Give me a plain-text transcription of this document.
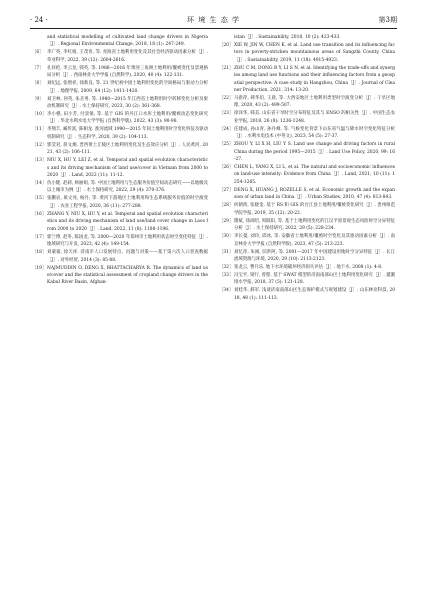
· 24 ·	环 境 生 态 学	第3期
and statistical modelling of cultivated land change drivers in Nigeria［J］. Regional Environmental Change, 2018, 18 (1): 247-249.
［6］ 李广英, 李红娟, 王茂青, 等. 青海省土地利用变化及其社会经济驱动因素分析［J］. 草业科学, 2022, 39 (12): 2604-2616.
［7］ 孔祥伦, 李云龙, 韩英, 等. 1986—2016 年黄河三角洲土地利用/覆被变化及景观格局分析［J］. 西南林业大学学报 (自然科学), 2020, 40 (4): 122-131.
［8］ 刘纪远, 张增祥, 徐新良, 等. 21 世纪初中国土地利用变化的空间格局与驱动力分析［J］. 地理学报, 2009, 64 (12): 1411-1420.
［9］ 刘卫林, 何英, 朱圣男, 等. 1980—2015 年江西省土地利用时空转移变化分析及驱动机制研究［J］. 水土保持研究, 2023, 30 (2): 361-368.
［10］ 李小樵, 田小芳, 付景保, 等. 基于 GIS 的丹江口水库土地利用/覆被动态变化研究［J］. 华北水利水电大学学报 (自然科学版), 2022, 43 (3): 90-98.
［11］ 李翔丰, 臧传富, 陈相龙. 淮河流域 1990—2015 年间土地利用时空变化特征及驱动机制研究［J］. 生态科学, 2020, 39 (2): 104-113.
［12］ 郭莹君, 蒋文炯. 晋西黄土丘陵区土地利用变化及生态效应分析［J］. 人民黄河, 2021, 43 (2): 106-111.
［13］ NIU X, HU Y, LEI Z, et al. Temporal and spatial evolution characteristics and its driving mechanism of land use/cover in Vietnam from 2000 to 2020［J］. Land, 2022 (11): 11-12.
［14］ 仇小键, 赵莉, 师丽娟, 等. 中国土地利用与生态服务价值空间动态研究——以地级及以上城市为例［J］. 水土保持研究, 2022, 29 (4): 370-376.
［15］ 张鹏岩, 耿文亮, 杨丹, 等. 黄河下游地区土地利用和生态系统服务价值的时空演变［J］. 农业工程学报, 2020, 36 (11): 277-288.
［16］ ZHANG Y, NIU X, HU Y, et al. Temporal and spatial evolution characteristics and its driving mechanism of land use/land cover change in Laos from 2000 to 2020［J］. Land, 2022, 11 (8): 1188-1196.
［17］ 郭兰博, 赵冬, 陈国龙, 等. 2000—2020 年郑州市土地利用状态时空变化特征［J］. 地域研究与开发, 2023, 42 (4): 149-154.
［18］ 刘蒙蒙, 徐天祥. 济南市人口发展特点、问题与对策——基于第六次人口普查数据［J］. 对外经贸, 2014 (3): 85-88.
［19］ NAJMUDDIN O, DENG X, BHATTACHARYA R. The dynamics of land use/cover and the statistical assessment of cropland change drivers in the Kabul River Basin, Afghan-
istan［J］. Sustainability, 2018, 10 (2): 423-433.
［20］ XIE W, JIN W, CHEN K, et al. Land use transition and its influencing factors in poverty-stricken mountainous areas of Sangzhi County, China［J］. Sustainability, 2019, 11 (18): 4915-4923.
［21］ ZHU C M, DONG B Y, LI S N, et al. Identifying the trade-offs and synergies among land use functions and their influencing factors from a geospatial perspective: A case study in Hangzhou, China［J］. Journal of Cleaner Production, 2021, 314: 13-20.
［22］ 马新萍, 韩华伯, 王晨, 等. 大西安地区土地利用类型时空演变分析［J］. 干旱区地理, 2020, 43 (2): 499-507.
［23］ 徐泽华, 韩美. 山东省干旱时空分布特征及其与 ENSO 的相关性［J］. 中国生态农业学报, 2018, 26 (8): 1236-1248.
［24］ 任建成, 孙山青, 孙丹峰, 等. 气候变化背景下山东省气温与降水时空变化特征分析［J］. 水利水电技术 (中英文), 2023, 54 (5): 27-37.
［25］ ZHOU Y, LI X H, LIU Y S. Land use change and driving factors in rural China during the period 1995—2015［J］. Land Use Policy, 2020, 99: 16-27.
［26］ CHEN L, YANG X, LI L, et al. The natural and socioeconomic influences on land-use intensity: Evidence from China［J］. Land, 2021, 10 (11): 1254-1265.
［27］ DENG X, HUANG J, ROZELLE S, et al. Economic growth and the expansion of urban land in China［J］. Urban Studies, 2010, 47 (4): 813-843.
［28］ 何朝鸿, 张晓金. 基于 RS 和 GIS 的台江县土地利用/覆被变化研究［J］. 贵州师范学院学报, 2019, 35 (12): 20-22.
［29］ 隋斌, 徐尚昭, 周阳阳, 等. 基于土地利用变化的江汉平原景观生态风险时空分异特征分析［J］. 水土保持研究, 2022, 29 (5): 228-234.
［30］ 李长曼, 刘玲, 邱冰, 等. 安徽省土地利用/覆被时空变化及其驱动因素分析［J］. 南京林业大学学报 (自然科学版), 2023, 47 (5): 213-223.
［31］ 刘忆萍, 朱闽, 旧洪阿, 等. 2001—2017 年中国建设用地时空分异特征［J］. 长江流域资源与环境, 2020, 29 (10): 2113-2123.
［32］ 张龙云, 曹升乐. 地下水环境破坏经济损失评估［J］. 地下水, 2008 (1): 4-8.
［33］ 冯宝平, 梁行, 曾程. 基于 SWAT 模型的济南南部山区土地利用变化研究［J］. 灌溉排水学报, 2018, 37 (5): 121-128.
［34］ 刘桂华, 郝军. 浅谈济南南部山区生态保护模式与规划建设［J］. 山东林业科技, 2018, 48 (1): 111-113.
